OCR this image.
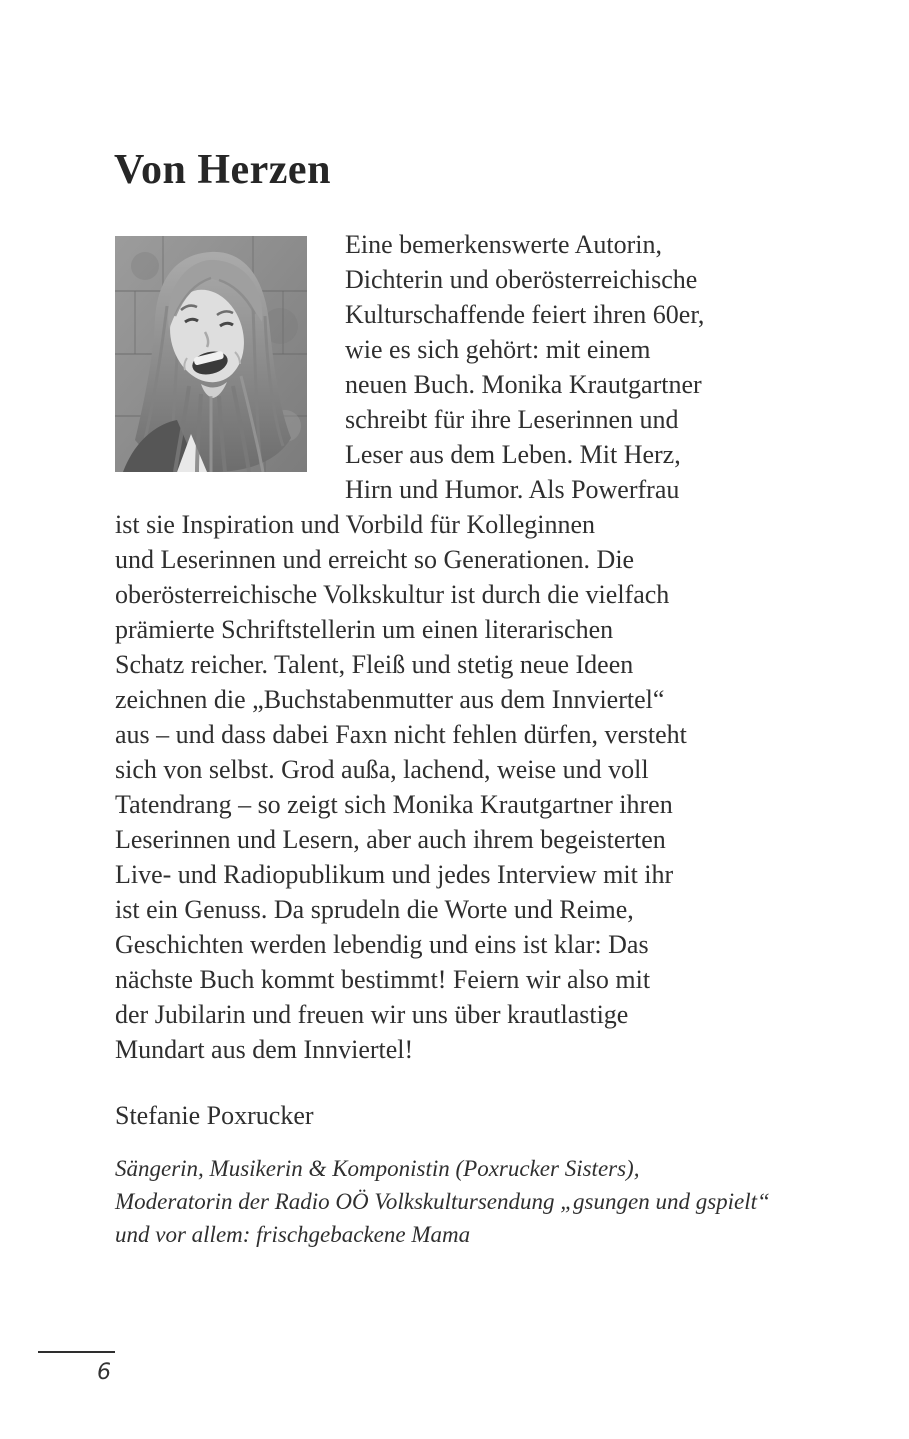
Von Herzen
Eine bemerkenswerte Autorin,
Dichterin und oberösterreichische
Kulturschaffende feiert ihren 60er,
wie es sich gehört: mit einem
neuen Buch. Monika Krautgartner
schreibt für ihre Leserinnen und
Leser aus dem Leben. Mit Herz,
Hirn und Humor. Als Powerfrau
ist sie Inspiration und Vorbild für Kolleginnen
und Leserinnen und erreicht so Generationen. Die
oberösterreichische Volkskultur ist durch die vielfach
prämierte Schriftstellerin um einen literarischen
Schatz reicher. Talent, Fleiß und stetig neue Ideen
zeichnen die „Buchstabenmutter aus dem Innviertel“
aus – und dass dabei Faxn nicht fehlen dürfen, versteht
sich von selbst. Grod außa, lachend, weise und voll
Tatendrang – so zeigt sich Monika Krautgartner ihren
Leserinnen und Lesern, aber auch ihrem begeisterten
Live- und Radiopublikum und jedes Interview mit ihr
ist ein Genuss. Da sprudeln die Worte und Reime,
Geschichten werden lebendig und eins ist klar: Das
nächste Buch kommt bestimmt! Feiern wir also mit
der Jubilarin und freuen wir uns über krautlastige
Mundart aus dem Innviertel!

Stefanie Poxrucker

Sängerin, Musikerin & Komponistin (Poxrucker Sisters),
Moderatorin der Radio OÖ Volkskultursendung „gsungen und gspielt“
und vor allem: frischgebackene Mama
6
